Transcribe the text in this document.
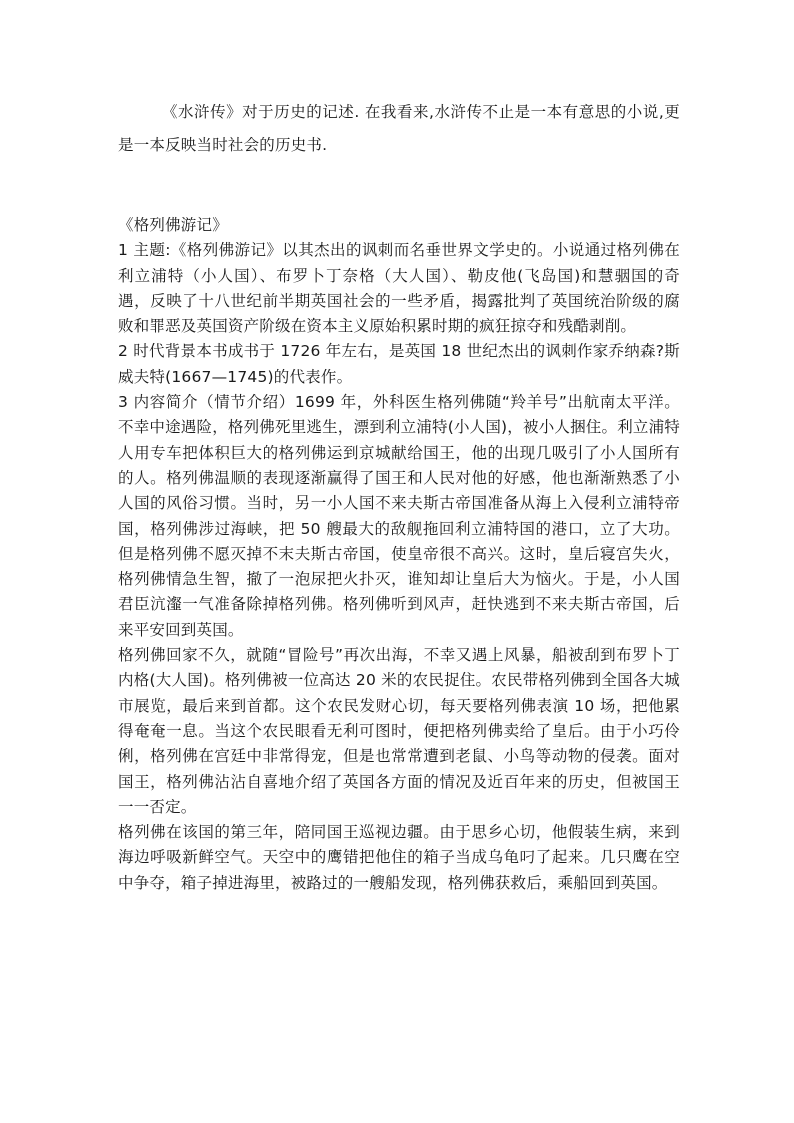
《水浒传》对于历史的记述. 在我看来,水浒传不止是一本有意思的小说,更是一本反映当时社会的历史书.

《格列佛游记》

1 主题:《格列佛游记》以其杰出的讽刺而名垂世界文学史的。小说通过格列佛在利立浦特（小人国）、布罗卜丁奈格（大人国）、勒皮他(飞岛国)和慧骃国的奇遇，反映了十八世纪前半期英国社会的一些矛盾，揭露批判了英国统治阶级的腐败和罪恶及英国资产阶级在资本主义原始积累时期的疯狂掠夺和残酷剥削。

2 时代背景本书成书于 1726 年左右，是英国 18 世纪杰出的讽刺作家乔纳森?斯威夫特(1667—1745)的代表作。

3 内容简介（情节介绍）1699 年，外科医生格列佛随“羚羊号”出航南太平洋。不幸中途遇险，格列佛死里逃生，漂到利立浦特(小人国)，被小人捆住。利立浦特人用专车把体积巨大的格列佛运到京城献给国王，他的出现几吸引了小人国所有的人。格列佛温顺的表现逐渐赢得了国王和人民对他的好感，他也渐渐熟悉了小人国的风俗习惯。当时，另一小人国不来夫斯古帝国准备从海上入侵利立浦特帝国，格列佛涉过海峡，把 50 艘最大的敌舰拖回利立浦特国的港口，立了大功。但是格列佛不愿灭掉不末夫斯古帝国，使皇帝很不高兴。这时，皇后寝宫失火，格列佛情急生智，撤了一泡尿把火扑灭，谁知却让皇后大为恼火。于是，小人国君臣沆瀣一气准备除掉格列佛。格列佛听到风声，赶快逃到不来夫斯古帝国，后来平安回到英国。

格列佛回家不久，就随“冒险号”再次出海，不幸又遇上风暴，船被刮到布罗卜丁内格(大人国)。格列佛被一位高达 20 米的农民捉住。农民带格列佛到全国各大城市展览，最后来到首都。这个农民发财心切，每天要格列佛表演 10 场，把他累得奄奄一息。当这个农民眼看无利可图时，便把格列佛卖给了皇后。由于小巧伶俐，格列佛在宫廷中非常得宠，但是也常常遭到老鼠、小鸟等动物的侵袭。面对国王，格列佛沾沾自喜地介绍了英国各方面的情况及近百年来的历史，但被国王一一否定。

格列佛在该国的第三年，陪同国王巡视边疆。由于思乡心切，他假装生病，来到海边呼吸新鲜空气。天空中的鹰错把他住的箱子当成乌龟叼了起来。几只鹰在空中争夺，箱子掉进海里，被路过的一艘船发现，格列佛获救后，乘船回到英国。
